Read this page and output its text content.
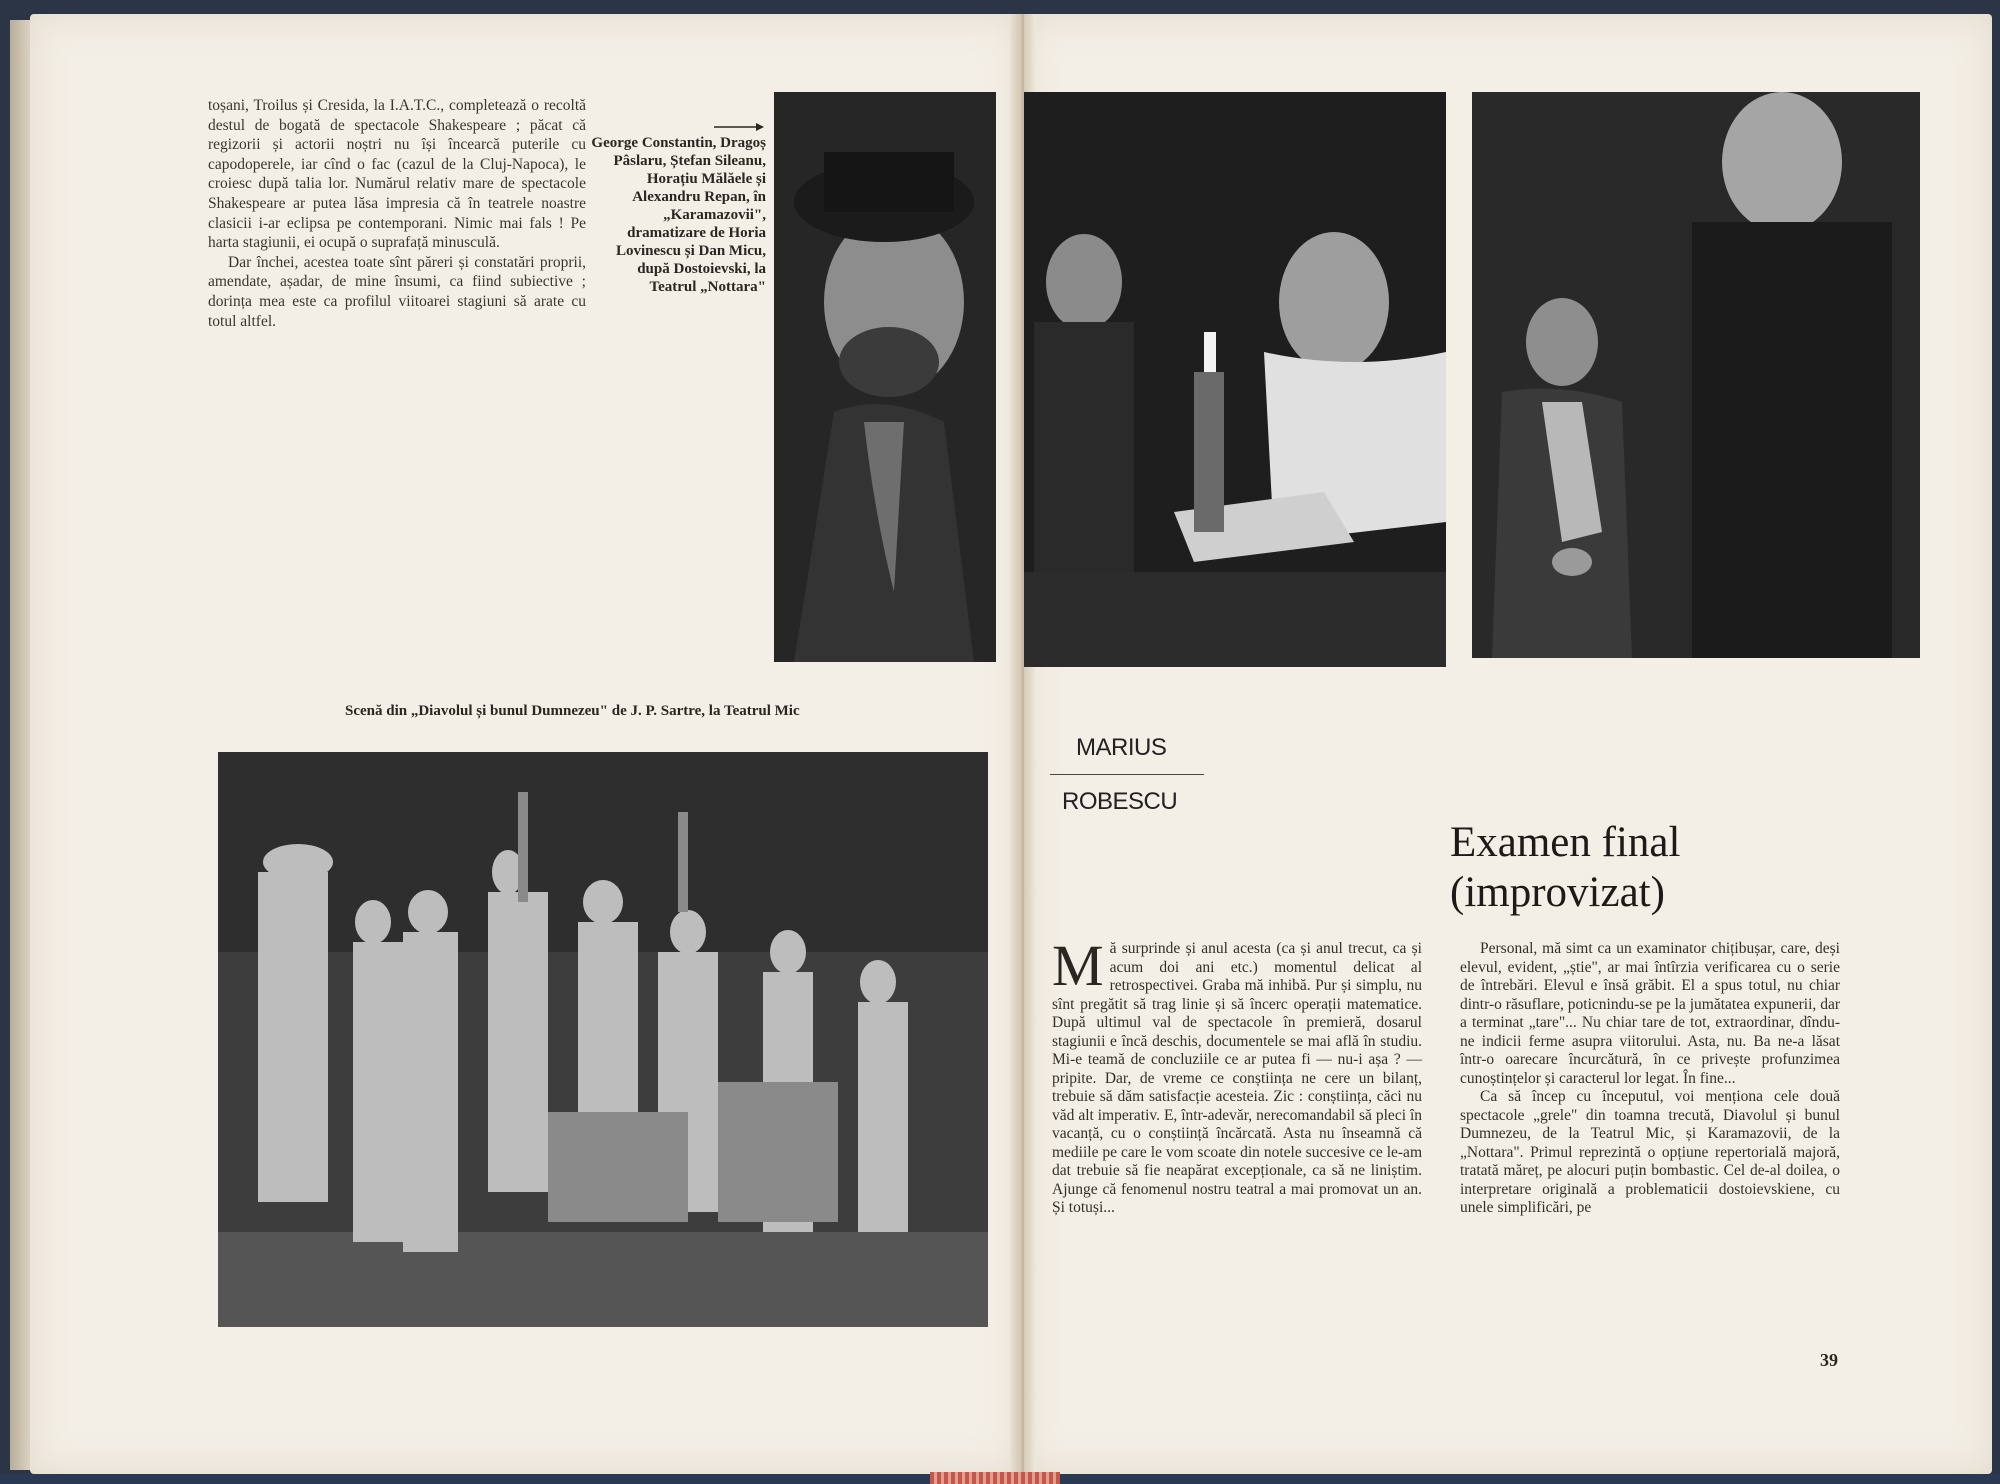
toșani, Troilus și Cresida, la I.A.T.C., completează o recoltă destul de bogată de spectacole Shakespeare ; păcat că regizorii și actorii noștri nu își încearcă puterile cu capodoperele, iar cînd o fac (cazul de la Cluj-Napoca), le croiesc după talia lor. Numărul relativ mare de spectacole Shakespeare ar putea lăsa impresia că în teatrele noastre clasicii i-ar eclipsa pe contemporani. Nimic mai fals ! Pe harta stagiunii, ei ocupă o suprafață minusculă.

Dar închei, acestea toate sînt păreri și constatări proprii, amendate, așadar, de mine însumi, ca fiind subiective ; dorința mea este ca profilul viitoarei stagiuni să arate cu totul altfel.

George Constantin, Dragoș Pâslaru, Ștefan Sileanu, Horațiu Mălăele și Alexandru Repan, în „Karamazovii", dramatizare de Horia Lovinescu și Dan Micu, după Dostoievski, la Teatrul „Nottara"
Scenă din „Diavolul și bunul Dumnezeu" de J. P. Sartre, la Teatrul Mic
MARIUS
ROBESCU
Examen final
(improvizat)

Mă surprinde și anul acesta (ca și anul trecut, ca și acum doi ani etc.) momentul delicat al retrospectivei. Graba mă inhibă. Pur și simplu, nu sînt pregătit să trag linie și să încerc operații matematice. După ultimul val de spectacole în premieră, dosarul stagiunii e încă deschis, documentele se mai află în studiu. Mi-e teamă de concluziile ce ar putea fi — nu-i așa ? — pripite. Dar, de vreme ce conștiința ne cere un bilanț, trebuie să dăm satisfacție acesteia. Zic : conștiința, căci nu văd alt imperativ. E, într-adevăr, nerecomandabil să pleci în vacanță, cu o conștiință încărcată. Asta nu înseamnă că mediile pe care le vom scoate din notele succesive ce le-am dat trebuie să fie neapărat excepționale, ca să ne liniștim. Ajunge că fenomenul nostru teatral a mai promovat un an. Și totuși...

Personal, mă simt ca un examinator chițibușar, care, deși elevul, evident, „știe", ar mai întîrzia verificarea cu o serie de întrebări. Elevul e însă grăbit. El a spus totul, nu chiar dintr-o răsuflare, poticnindu-se pe la jumătatea expunerii, dar a terminat „tare"... Nu chiar tare de tot, extraordinar, dîndu-ne indicii ferme asupra viitorului. Asta, nu. Ba ne-a lăsat într-o oarecare încurcătură, în ce privește profunzimea cunoștințelor și caracterul lor legat. În fine...

Ca să încep cu începutul, voi menționa cele două spectacole „grele" din toamna trecută, Diavolul și bunul Dumnezeu, de la Teatrul Mic, și Karamazovii, de la „Nottara". Primul reprezintă o opțiune repertorială majoră, tratată măreț, pe alocuri puțin bombastic. Cel de-al doilea, o interpretare originală a problematicii dostoievskiene, cu unele simplificări, pe

39
